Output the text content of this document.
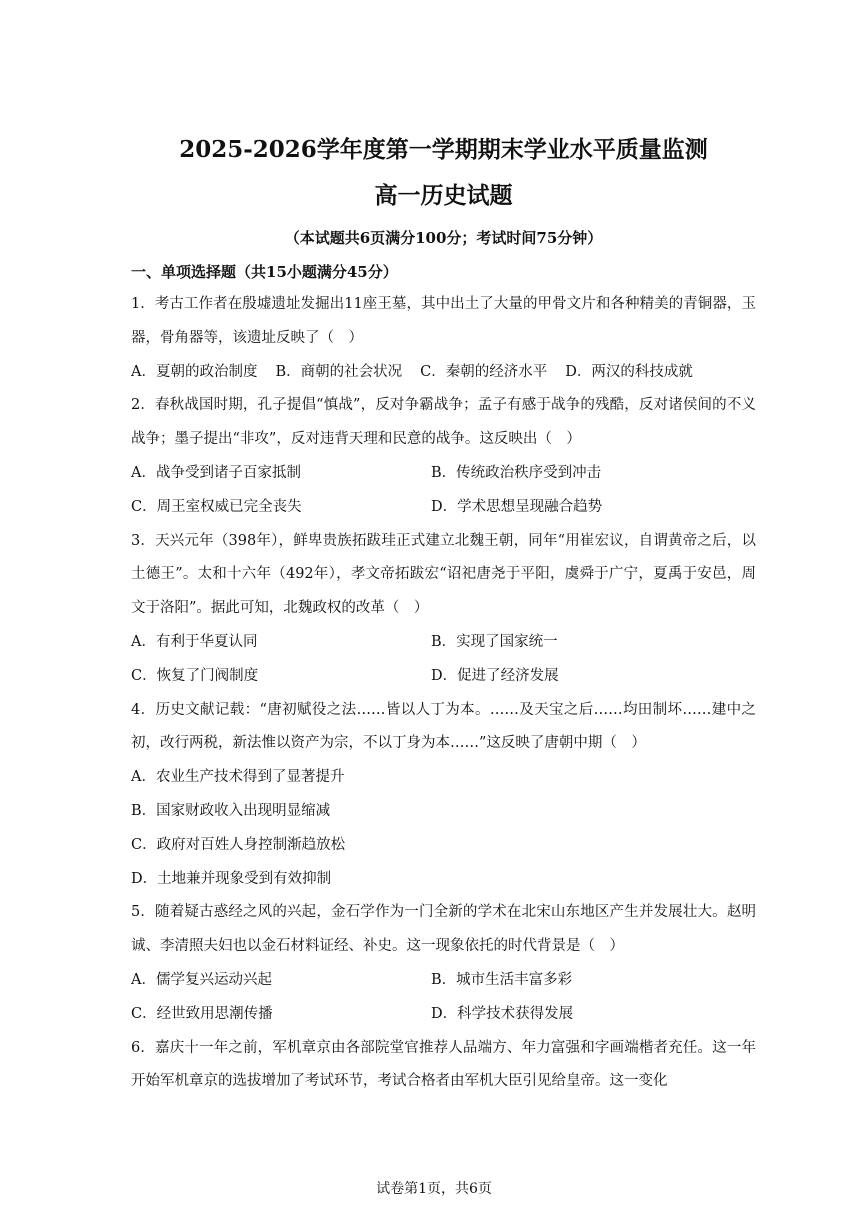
2025-2026学年度第一学期期末学业水平质量监测
高一历史试题
（本试题共6页满分100分；考试时间75分钟）
一、单项选择题（共15小题满分45分）

1．考古工作者在殷墟遗址发掘出11座王墓，其中出土了大量的甲骨文片和各种精美的青铜器，玉器，骨角器等，该遗址反映了（　）

A．夏朝的政治制度 B．商朝的社会状况 C．秦朝的经济水平 D．两汉的科技成就

2．春秋战国时期，孔子提倡“慎战”，反对争霸战争；孟子有感于战争的残酷，反对诸侯间的不义战争；墨子提出“非攻”，反对违背天理和民意的战争。这反映出（　）

A．战争受到诸子百家抵制	B．传统政治秩序受到冲击
C．周王室权威已完全丧失	D．学术思想呈现融合趋势

3．天兴元年（398年），鲜卑贵族拓跋珪正式建立北魏王朝，同年“用崔宏议，自谓黄帝之后，以土德王”。太和十六年（492年），孝文帝拓跋宏“诏祀唐尧于平阳，虞舜于广宁，夏禹于安邑，周文于洛阳”。据此可知，北魏政权的改革（　）

A．有利于华夏认同	B．实现了国家统一
C．恢复了门阀制度	D．促进了经济发展

4．历史文献记载：“唐初赋役之法……皆以人丁为本。……及天宝之后……均田制坏……建中之初，改行两税，新法惟以资产为宗，不以丁身为本……”这反映了唐朝中期（　）

A．农业生产技术得到了显著提升
B．国家财政收入出现明显缩减
C．政府对百姓人身控制渐趋放松
D．土地兼并现象受到有效抑制

5．随着疑古惑经之风的兴起，金石学作为一门全新的学术在北宋山东地区产生并发展壮大。赵明诚、李清照夫妇也以金石材料证经、补史。这一现象依托的时代背景是（　）

A．儒学复兴运动兴起	B．城市生活丰富多彩
C．经世致用思潮传播	D．科学技术获得发展

6．嘉庆十一年之前，军机章京由各部院堂官推荐人品端方、年力富强和字画端楷者充任。这一年开始军机章京的选拔增加了考试环节，考试合格者由军机大臣引见给皇帝。这一变化

试卷第1页，共6页
